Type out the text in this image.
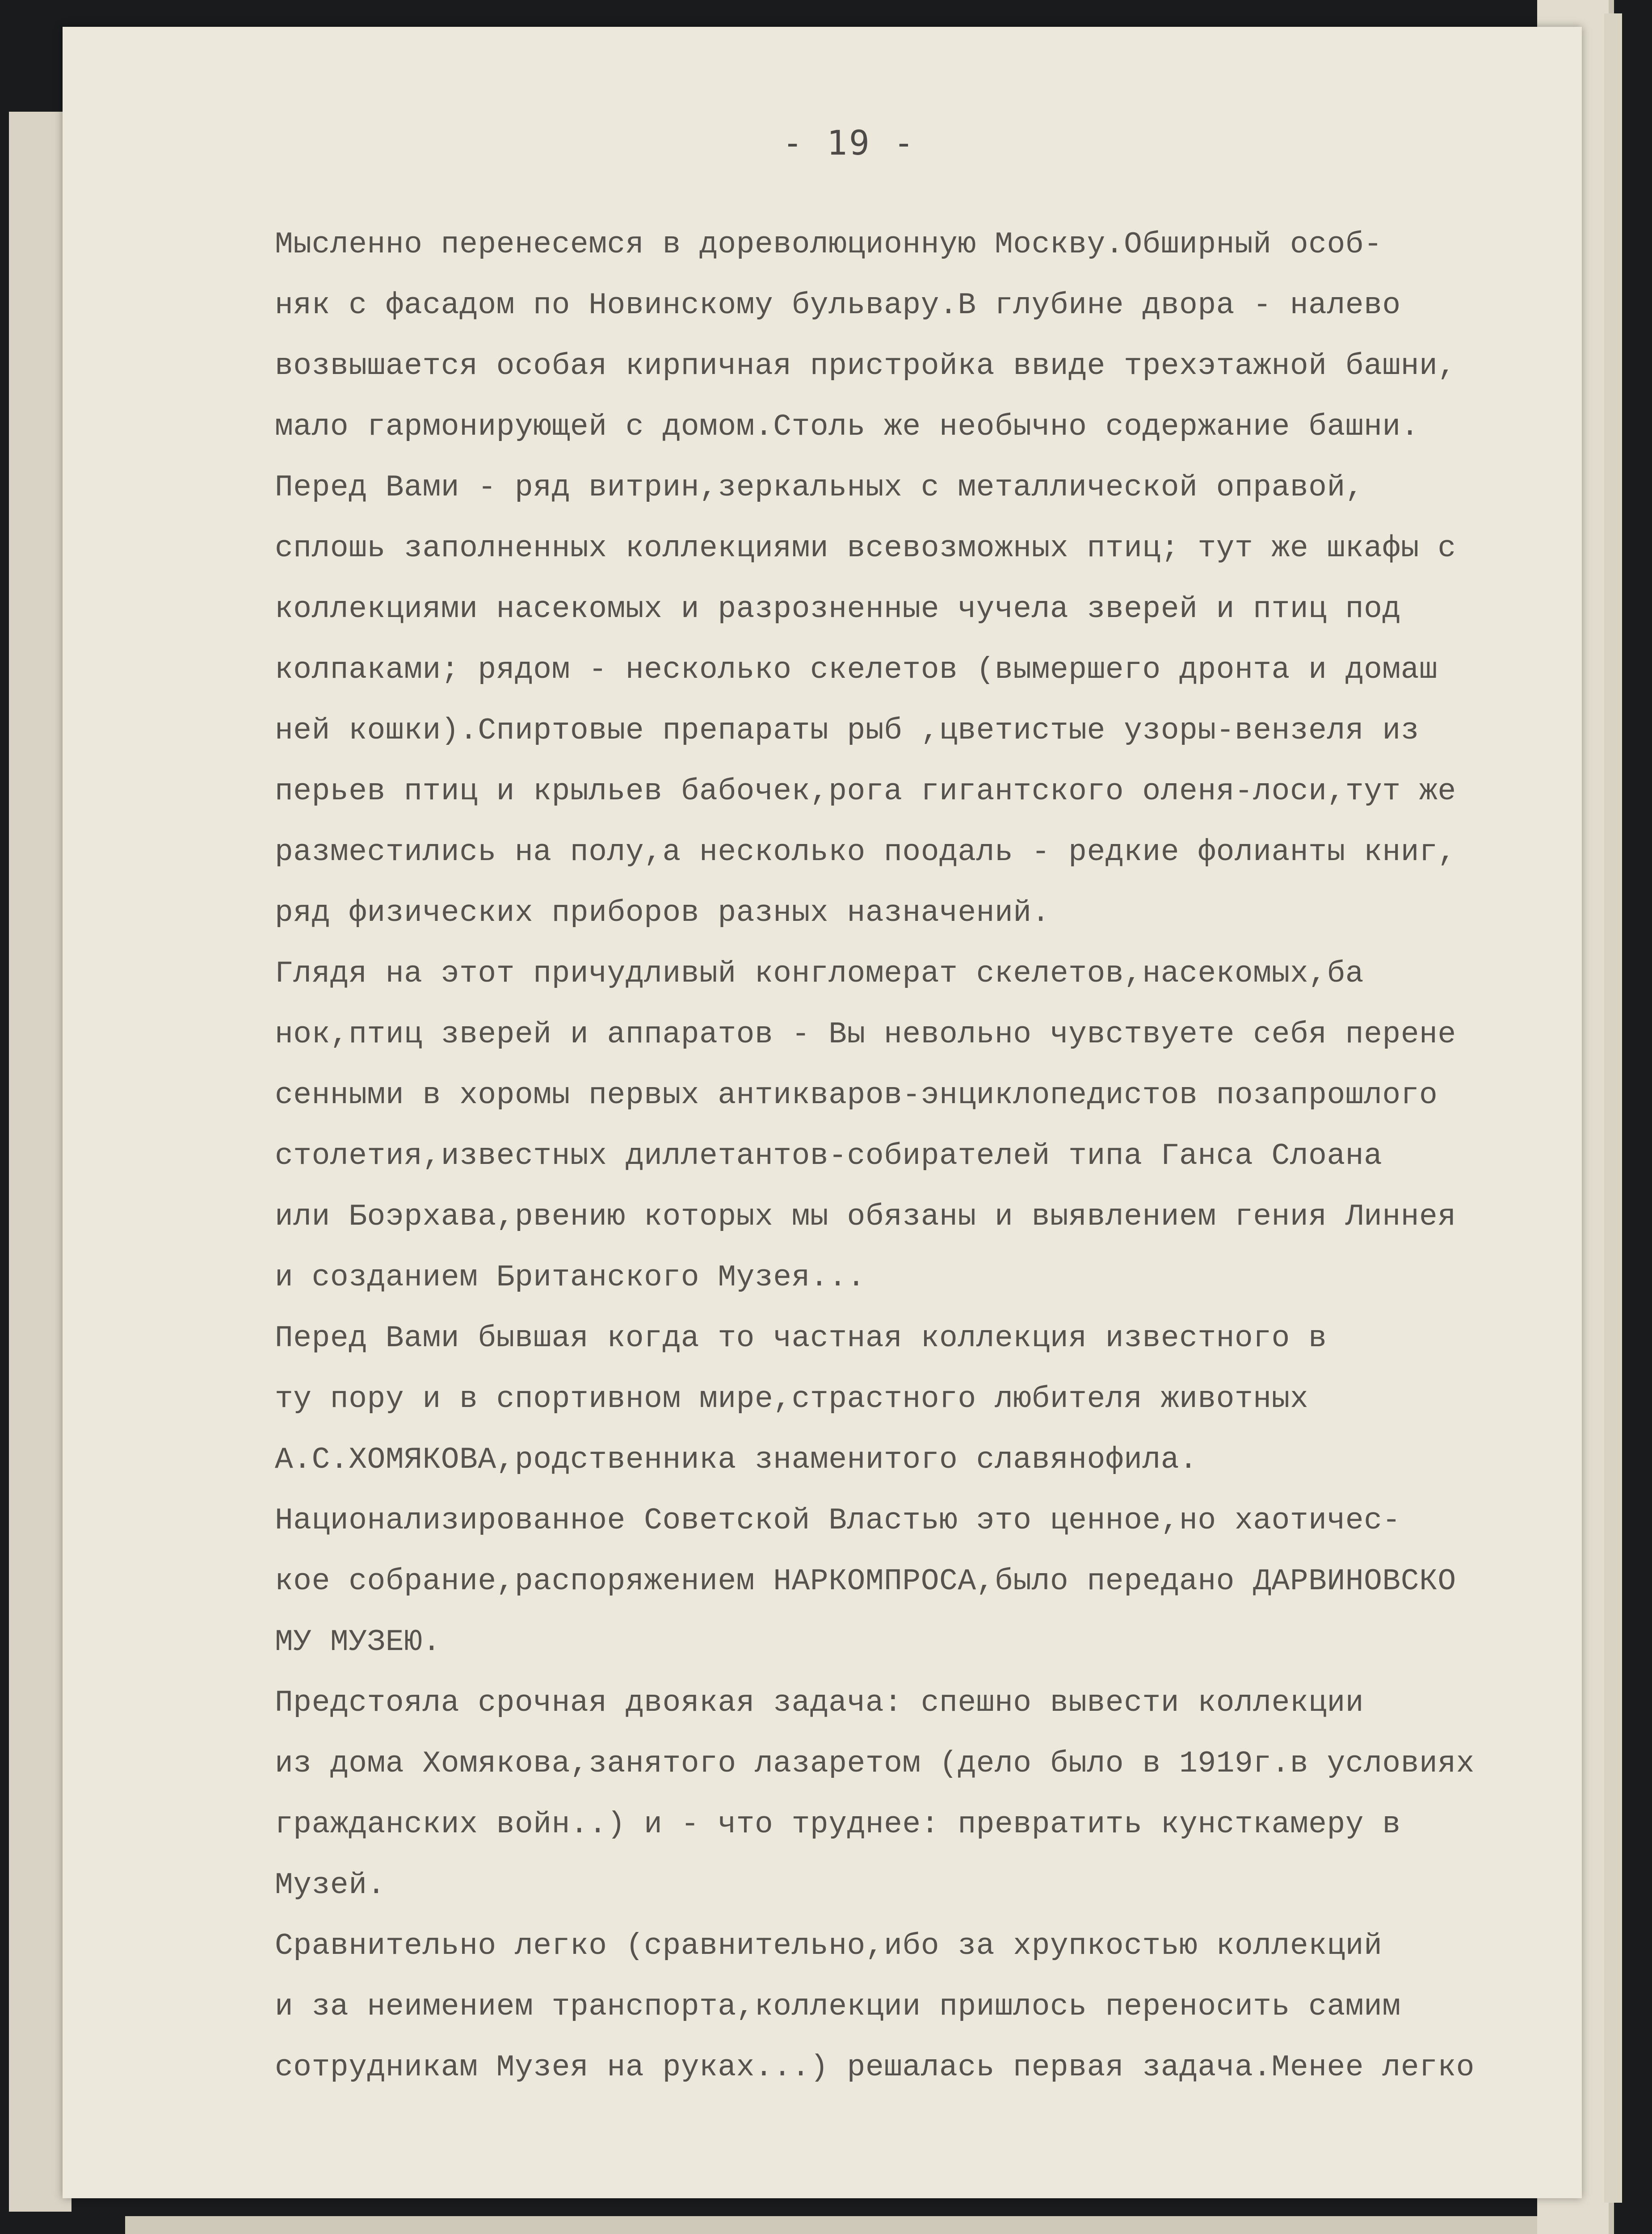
- 19 -
Мысленно перенесемся в дореволюционную Москву.Обширный особ-
няк с фасадом по Новинскому бульвару.В глубине двора - налево
возвышается особая кирпичная пристройка ввиде трехэтажной башни,
мало гармонирующей с домом.Столь же необычно содержание башни.
Перед Вами - ряд витрин,зеркальных с металлической оправой,
сплошь заполненных коллекциями всевозможных птиц; тут же шкафы с
коллекциями насекомых и разрозненные чучела зверей и птиц под
колпаками; рядом - несколько скелетов (вымершего дронта и домаш
ней кошки).Спиртовые препараты рыб ,цветистые узоры-вензеля из
перьев птиц и крыльев бабочек,рога гигантского оленя-лоси,тут же
разместились на полу,а несколько поодаль - редкие фолианты книг,
ряд физических приборов разных назначений.
Глядя на этот причудливый конгломерат скелетов,насекомых,ба
нок,птиц зверей и аппаратов - Вы невольно чувствуете себя перене
сенными в хоромы первых антикваров-энциклопедистов позапрошлого
столетия,известных диллетантов-собирателей типа Ганса Слоана
или Боэрхава,рвению которых мы обязаны и выявлением гения Линнея
и созданием Британского Музея...
Перед Вами бывшая когда то частная коллекция известного в
ту пору и в спортивном мире,страстного любителя животных
А.С.ХОМЯКОВА,родственника знаменитого славянофила.
Национализированное Советской Властью это ценное,но хаотичес-
кое собрание,распоряжением НАРКОМПРОСА,было передано ДАРВИНОВСКО
МУ МУЗЕЮ.
Предстояла срочная двоякая задача: спешно вывести коллекции
из дома Хомякова,занятого лазаретом (дело было в 1919г.в условиях
гражданских войн..) и - что труднее: превратить кунсткамеру в
Музей.
Сравнительно легко (сравнительно,ибо за хрупкостью коллекций
и за неимением транспорта,коллекции пришлось переносить самим
сотрудникам Музея на руках...) решалась первая задача.Менее легко
